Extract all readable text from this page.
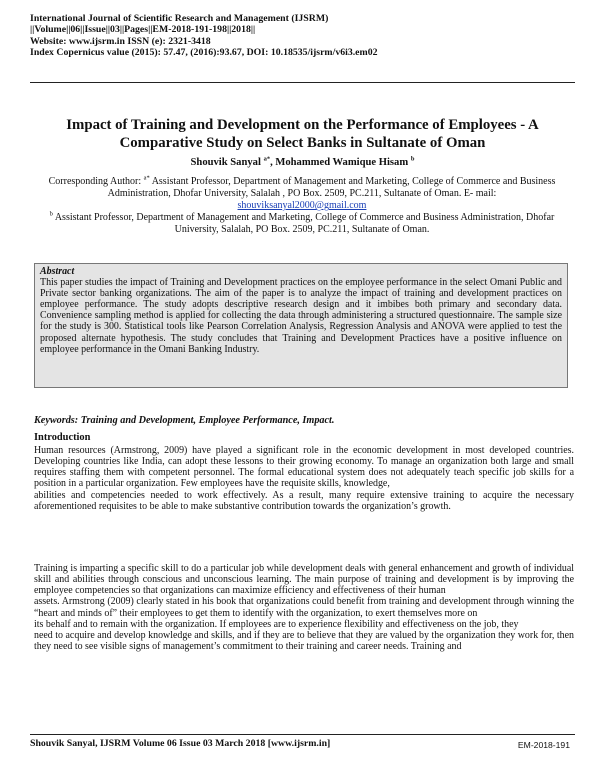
International Journal of Scientific Research and Management (IJSRM)
||Volume||06||Issue||03||Pages||EM-2018-191-198||2018||
Website: www.ijsrm.in ISSN (e): 2321-3418
Index Copernicus value (2015): 57.47, (2016):93.67, DOI: 10.18535/ijsrm/v6i3.em02
Impact of Training and Development on the Performance of Employees - A Comparative Study on Select Banks in Sultanate of Oman
Shouvik Sanyal $^{a*}$, Mohammed Wamique Hisam $^b$
Corresponding Author: $^{a*}$ Assistant Professor, Department of Management and Marketing, College of Commerce and Business Administration, Dhofar University, Salalah , PO Box. 2509, PC.211, Sultanate of Oman. E- mail: shouviksanyal2000@gmail.com
$^b$ Assistant Professor, Department of Management and Marketing, College of Commerce and Business Administration, Dhofar University, Salalah, PO Box. 2509, PC.211, Sultanate of Oman.
Abstract
This paper studies the impact of Training and Development practices on the employee performance in the select Omani Public and Private sector banking organizations. The aim of the paper is to analyze the impact of training and development practices on employee performance. The study adopts descriptive research design and it imbibes both primary and secondary data. Convenience sampling method is applied for collecting the data through administering a structured questionnaire. The sample size for the study is 300. Statistical tools like Pearson Correlation Analysis, Regression Analysis and ANOVA were applied to test the proposed alternate hypothesis. The study concludes that Training and Development Practices have a positive influence on employee performance in the Omani Banking Industry.
Keywords: Training and Development, Employee Performance, Impact.
Introduction
Human resources (Armstrong, 2009) have played a significant role in the economic development in most developed countries. Developing countries like India, can adopt these lessons to their growing economy. To manage an organization both large and small requires staffing them with competent personnel. The formal educational system does not adequately teach specific job skills for a position in a particular organization. Few employees have the requisite skills, knowledge,
abilities and competencies needed to work effectively. As a result, many require extensive training to acquire the necessary aforementioned requisites to be able to make substantive contribution towards the organization’s growth.
Training is imparting a specific skill to do a particular job while development deals with general enhancement and growth of individual skill and abilities through conscious and unconscious learning. The main purpose of training and development is by improving the employee competencies so that organizations can maximize efficiency and effectiveness of their human
assets. Armstrong (2009) clearly stated in his book that organizations could benefit from training and development through winning the “heart and minds of” their employees to get them to identify with the organization, to exert themselves more on
its behalf and to remain with the organization. If employees are to experience flexibility and effectiveness on the job, they
need to acquire and develop knowledge and skills, and if they are to believe that they are valued by the organization they work for, then they need to see visible signs of management’s commitment to their training and career needs. Training and
Shouvik Sanyal, IJSRM Volume 06 Issue 03 March 2018 [www.ijsrm.in]	EM-2018-191
